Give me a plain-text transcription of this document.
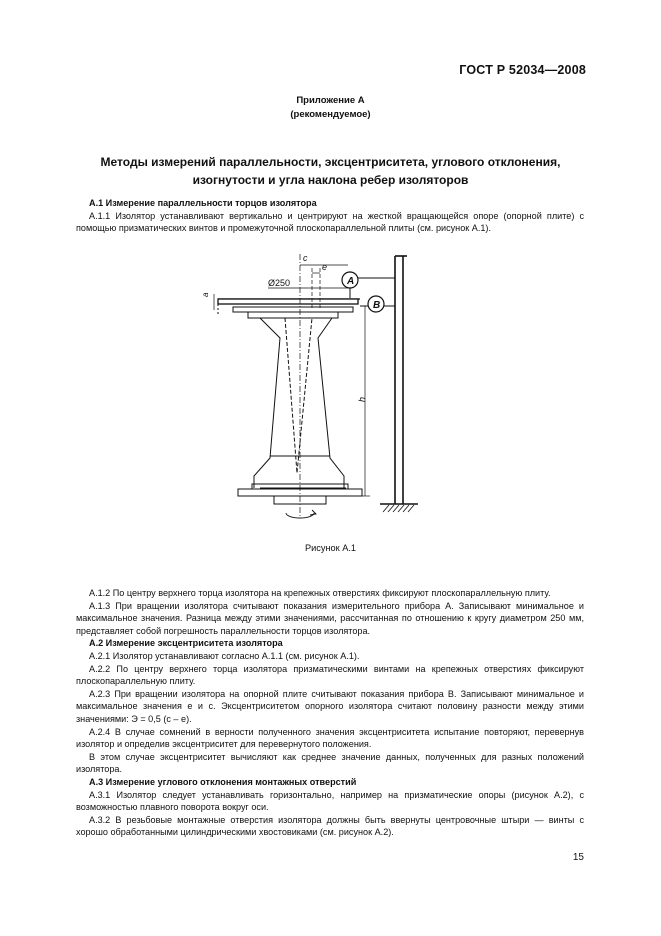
ГОСТ Р 52034—2008
Приложение А
(рекомендуемое)
Методы измерений параллельности, эксцентриситета, углового отклонения,
изогнутости и угла наклона ребер изоляторов
А.1 Измерение параллельности торцов изолятора
А.1.1 Изолятор устанавливают вертикально и центрируют на жесткой вращающейся опоре (опорной плите) с помощью призматических винтов и промежуточной плоскопараллельной плиты (см. рисунок А.1).
A
B
c
e
Ø250
a
h
Рисунок А.1
А.1.2 По центру верхнего торца изолятора на крепежных отверстиях фиксируют плоскопараллельную плиту.
А.1.3 При вращении изолятора считывают показания измерительного прибора A. Записывают минимальное и максимальное значения. Разница между этими значениями, рассчитанная по отношению к кругу диаметром 250 мм, представляет собой погрешность параллельности торцов изолятора.
А.2 Измерение эксцентриситета изолятора
А.2.1 Изолятор устанавливают согласно А.1.1 (см. рисунок А.1).
А.2.2 По центру верхнего торца изолятора призматическими винтами на крепежных отверстиях фиксируют плоскопараллельную плиту.
А.2.3 При вращении изолятора на опорной плите считывают показания прибора B. Записывают минимальное и максимальное значения e и c. Эксцентриситетом опорного изолятора считают половину разности между этими значениями: Э = 0,5 (c – e).
А.2.4 В случае сомнений в верности полученного значения эксцентриситета испытание повторяют, перевернув изолятор и определив эксцентриситет для перевернутого положения.
В этом случае эксцентриситет вычисляют как среднее значение данных, полученных для разных положений изолятора.
А.3 Измерение углового отклонения монтажных отверстий
А.3.1 Изолятор следует устанавливать горизонтально, например на призматические опоры (рисунок А.2), с возможностью плавного поворота вокруг оси.
А.3.2 В резьбовые монтажные отверстия изолятора должны быть ввернуты центровочные штыри — винты с хорошо обработанными цилиндрическими хвостовиками (см. рисунок А.2).
15
